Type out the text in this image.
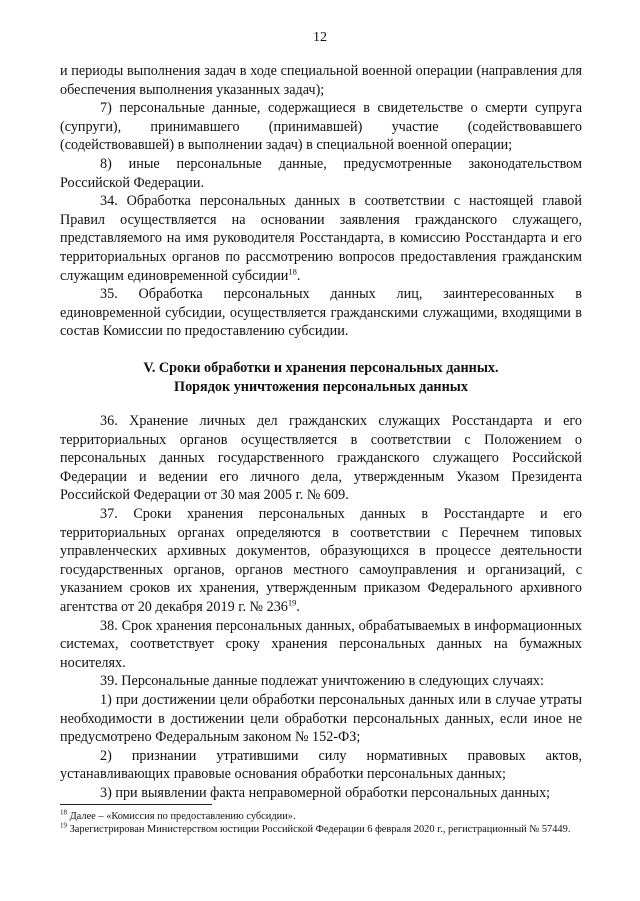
12

и периоды выполнения задач в ходе специальной военной операции (направления для обеспечения выполнения указанных задач);

7) персональные данные, содержащиеся в свидетельстве о смерти супруга (супруги), принимавшего (принимавшей) участие (содействовавшего (содействовавшей) в выполнении задач) в специальной военной операции;

8) иные персональные данные, предусмотренные законодательством Российской Федерации.

34. Обработка персональных данных в соответствии с настоящей главой Правил осуществляется на основании заявления гражданского служащего, представляемого на имя руководителя Росстандарта, в комиссию Росстандарта и его территориальных органов по рассмотрению вопросов предоставления гражданским служащим единовременной субсидии$^{18}$.

35. Обработка персональных данных лиц, заинтересованных в единовременной субсидии, осуществляется гражданскими служащими, входящими в состав Комиссии по предоставлению субсидии.

V. Сроки обработки и хранения персональных данных.
Порядок уничтожения персональных данных

36. Хранение личных дел гражданских служащих Росстандарта и его территориальных органов осуществляется в соответствии с Положением о персональных данных государственного гражданского служащего Российской Федерации и ведении его личного дела, утвержденным Указом Президента Российской Федерации от 30 мая 2005 г. № 609.

37. Сроки хранения персональных данных в Росстандарте и его территориальных органах определяются в соответствии с Перечнем типовых управленческих архивных документов, образующихся в процессе деятельности государственных органов, органов местного самоуправления и организаций, с указанием сроков их хранения, утвержденным приказом Федерального архивного агентства от 20 декабря 2019 г. № $236^{19}$.

38. Срок хранения персональных данных, обрабатываемых в информационных системах, соответствует сроку хранения персональных данных на бумажных носителях.

39. Персональные данные подлежат уничтожению в следующих случаях:

1) при достижении цели обработки персональных данных или в случае утраты необходимости в достижении цели обработки персональных данных, если иное не предусмотрено Федеральным законом № 152-ФЗ;

2) признании утратившими силу нормативных правовых актов, устанавливающих правовые основания обработки персональных данных;

3) при выявлении факта неправомерной обработки персональных данных;

$^{18}$ Далее – «Комиссия по предоставлению субсидии».

$^{19}$ Зарегистрирован Министерством юстиции Российской Федерации 6 февраля 2020 г., регистрационный № 57449.
